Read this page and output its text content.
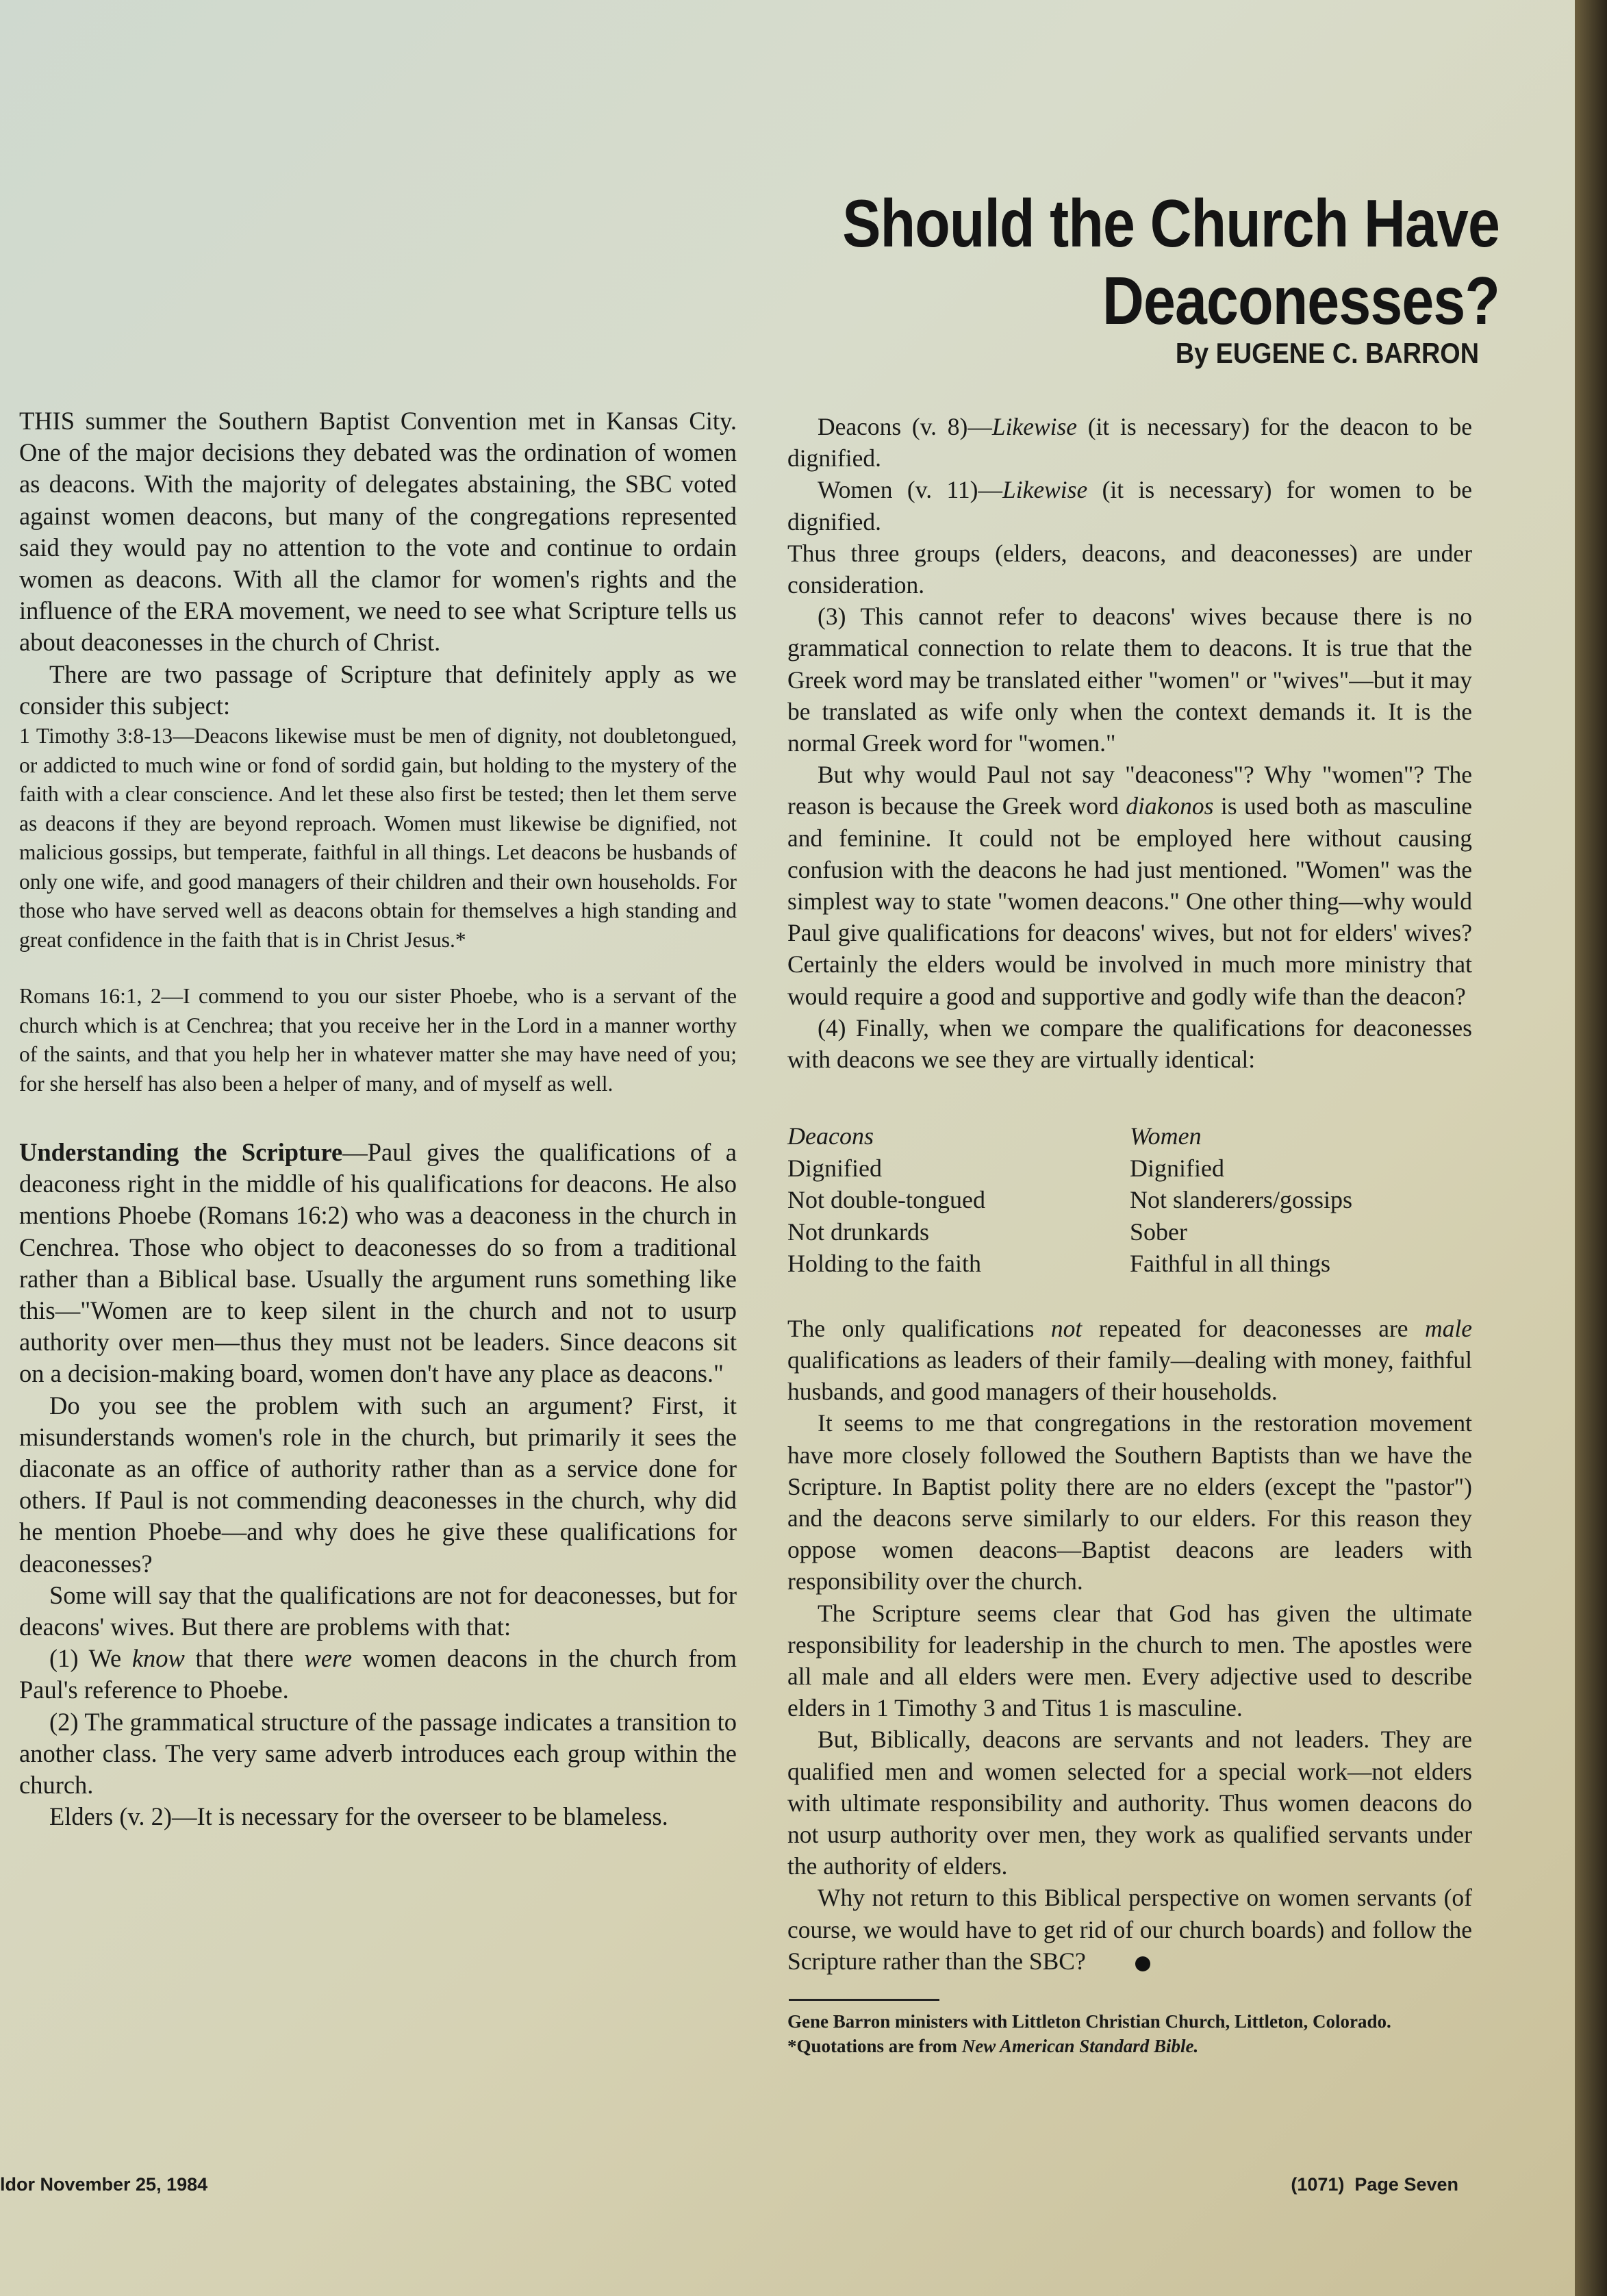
Should the Church Have Deaconesses?
By EUGENE C. BARRON

THIS summer the Southern Baptist Convention met in Kansas City. One of the major decisions they debated was the ordination of women as deacons. With the majority of delegates abstaining, the SBC voted against women deacons, but many of the congregations represented said they would pay no attention to the vote and continue to ordain women as deacons. With all the clamor for women's rights and the influence of the ERA movement, we need to see what Scripture tells us about deaconesses in the church of Christ.

There are two passage of Scripture that definitely apply as we consider this subject:

1 Timothy 3:8-13—Deacons likewise must be men of dignity, not doubletongued, or addicted to much wine or fond of sordid gain, but holding to the mystery of the faith with a clear conscience. And let these also first be tested; then let them serve as deacons if they are beyond reproach. Women must likewise be dignified, not malicious gossips, but temperate, faithful in all things. Let deacons be husbands of only one wife, and good managers of their children and their own households. For those who have served well as deacons obtain for themselves a high standing and great confidence in the faith that is in Christ Jesus.*

Romans 16:1, 2—I commend to you our sister Phoebe, who is a servant of the church which is at Cenchrea; that you receive her in the Lord in a manner worthy of the saints, and that you help her in whatever matter she may have need of you; for she herself has also been a helper of many, and of myself as well.

Understanding the Scripture—Paul gives the qualifications of a deaconess right in the middle of his qualifications for deacons. He also mentions Phoebe (Romans 16:2) who was a deaconess in the church in Cenchrea. Those who object to deaconesses do so from a traditional rather than a Biblical base. Usually the argument runs something like this—"Women are to keep silent in the church and not to usurp authority over men—thus they must not be leaders. Since deacons sit on a decision-making board, women don't have any place as deacons."

Do you see the problem with such an argument? First, it misunderstands women's role in the church, but primarily it sees the diaconate as an office of authority rather than as a service done for others. If Paul is not commending deaconesses in the church, why did he mention Phoebe—and why does he give these qualifications for deaconesses?

Some will say that the qualifications are not for deaconesses, but for deacons' wives. But there are problems with that:

(1) We know that there were women deacons in the church from Paul's reference to Phoebe.

(2) The grammatical structure of the passage indicates a transition to another class. The very same adverb introduces each group within the church.

Elders (v. 2)—It is necessary for the overseer to be blameless.

Deacons (v. 8)—Likewise (it is necessary) for the deacon to be dignified.

Women (v. 11)—Likewise (it is necessary) for women to be dignified.

Thus three groups (elders, deacons, and deaconesses) are under consideration.

(3) This cannot refer to deacons' wives because there is no grammatical connection to relate them to deacons. It is true that the Greek word may be translated either "women" or "wives"—but it may be translated as wife only when the context demands it. It is the normal Greek word for "women."

But why would Paul not say "deaconess"? Why "women"? The reason is because the Greek word diakonos is used both as masculine and feminine. It could not be employed here without causing confusion with the deacons he had just mentioned. "Women" was the simplest way to state "women deacons." One other thing—why would Paul give qualifications for deacons' wives, but not for elders' wives? Certainly the elders would be involved in much more ministry that would require a good and supportive and godly wife than the deacon?

(4) Finally, when we compare the qualifications for deaconesses with deacons we see they are virtually identical:

Deacons
Dignified
Not double-tongued
Not drunkards
Holding to the faith
Women
Dignified
Not slanderers/gossips
Sober
Faithful in all things

The only qualifications not repeated for deaconesses are male qualifications as leaders of their family—dealing with money, faithful husbands, and good managers of their households.

It seems to me that congregations in the restoration movement have more closely followed the Southern Baptists than we have the Scripture. In Baptist polity there are no elders (except the "pastor") and the deacons serve similarly to our elders. For this reason they oppose women deacons—Baptist deacons are leaders with responsibility over the church.

The Scripture seems clear that God has given the ultimate responsibility for leadership in the church to men. The apostles were all male and all elders were men. Every adjective used to describe elders in 1 Timothy 3 and Titus 1 is masculine.

But, Biblically, deacons are servants and not leaders. They are qualified men and women selected for a special work—not elders with ultimate responsibility and authority. Thus women deacons do not usurp authority over men, they work as qualified servants under the authority of elders.

Why not return to this Biblical perspective on women servants (of course, we would have to get rid of our church boards) and follow the Scripture rather than the SBC?

Gene Barron ministers with Littleton Christian Church, Littleton, Colorado.
*Quotations are from New American Standard Bible.
ldor November 25, 1984	(1071)  Page Seven
